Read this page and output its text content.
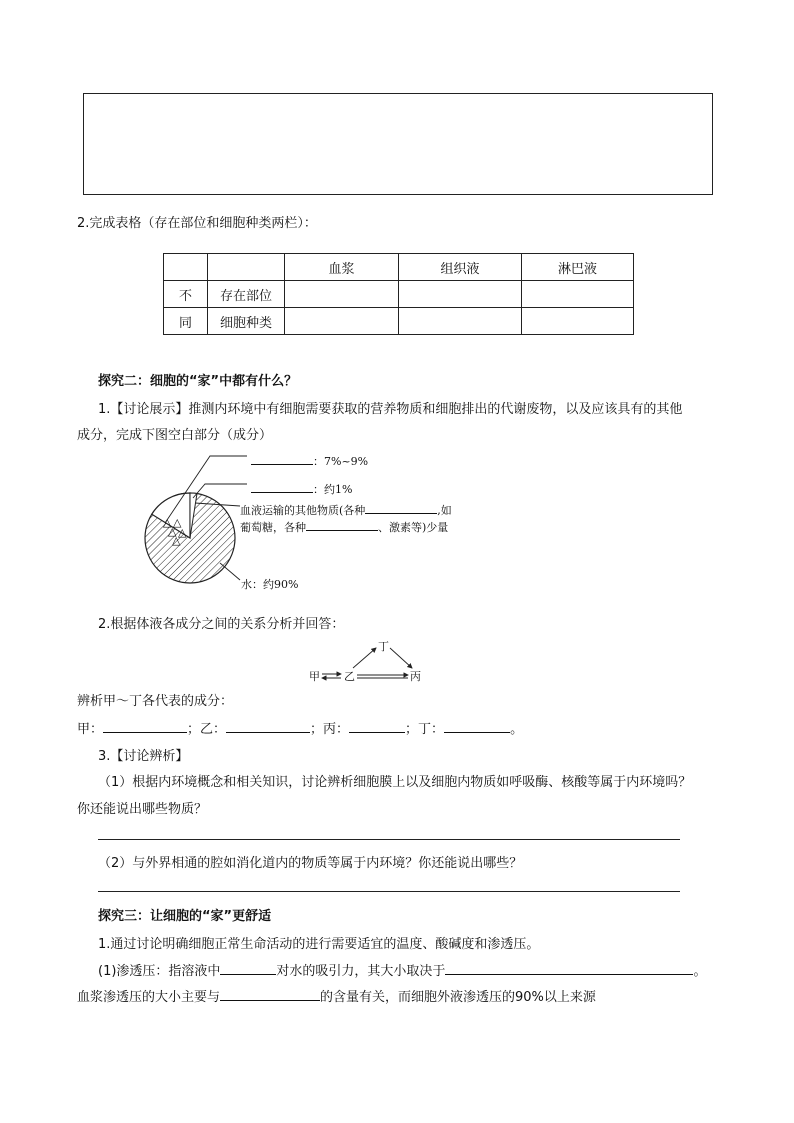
2.完成表格（存在部位和细胞种类两栏）：
		血浆	组织液	淋巴液
不	存在部位			
同	细胞种类			
探究二：细胞的“家”中都有什么？
1.【讨论展示】推测内环境中有细胞需要获取的营养物质和细胞排出的代谢废物，以及应该具有的其他
成分，完成下图空白部分（成分）
△ △
△ △
△
：7%~9%
：约1%
血液运输的其他物质(各种	,如
葡萄糖，各种	、激素等)少量
水：约90%
2.根据体液各成分之间的关系分析并回答：
甲 乙	丙
丁
辨析甲～丁各代表的成分：
甲：	；乙：	；丙：	；丁：	。
3.【讨论辨析】
（1）根据内环境概念和相关知识，讨论辨析细胞膜上以及细胞内物质如呼吸酶、核酸等属于内环境吗？
你还能说出哪些物质？
（2）与外界相通的腔如消化道内的物质等属于内环境？你还能说出哪些？
探究三：让细胞的“家”更舒适
1.通过讨论明确细胞正常生命活动的进行需要适宜的温度、酸碱度和渗透压。
(1)渗透压：指溶液中	对水的吸引力，其大小取决于	。
血浆渗透压的大小主要与	的含量有关，而细胞外液渗透压的90%以上来源
